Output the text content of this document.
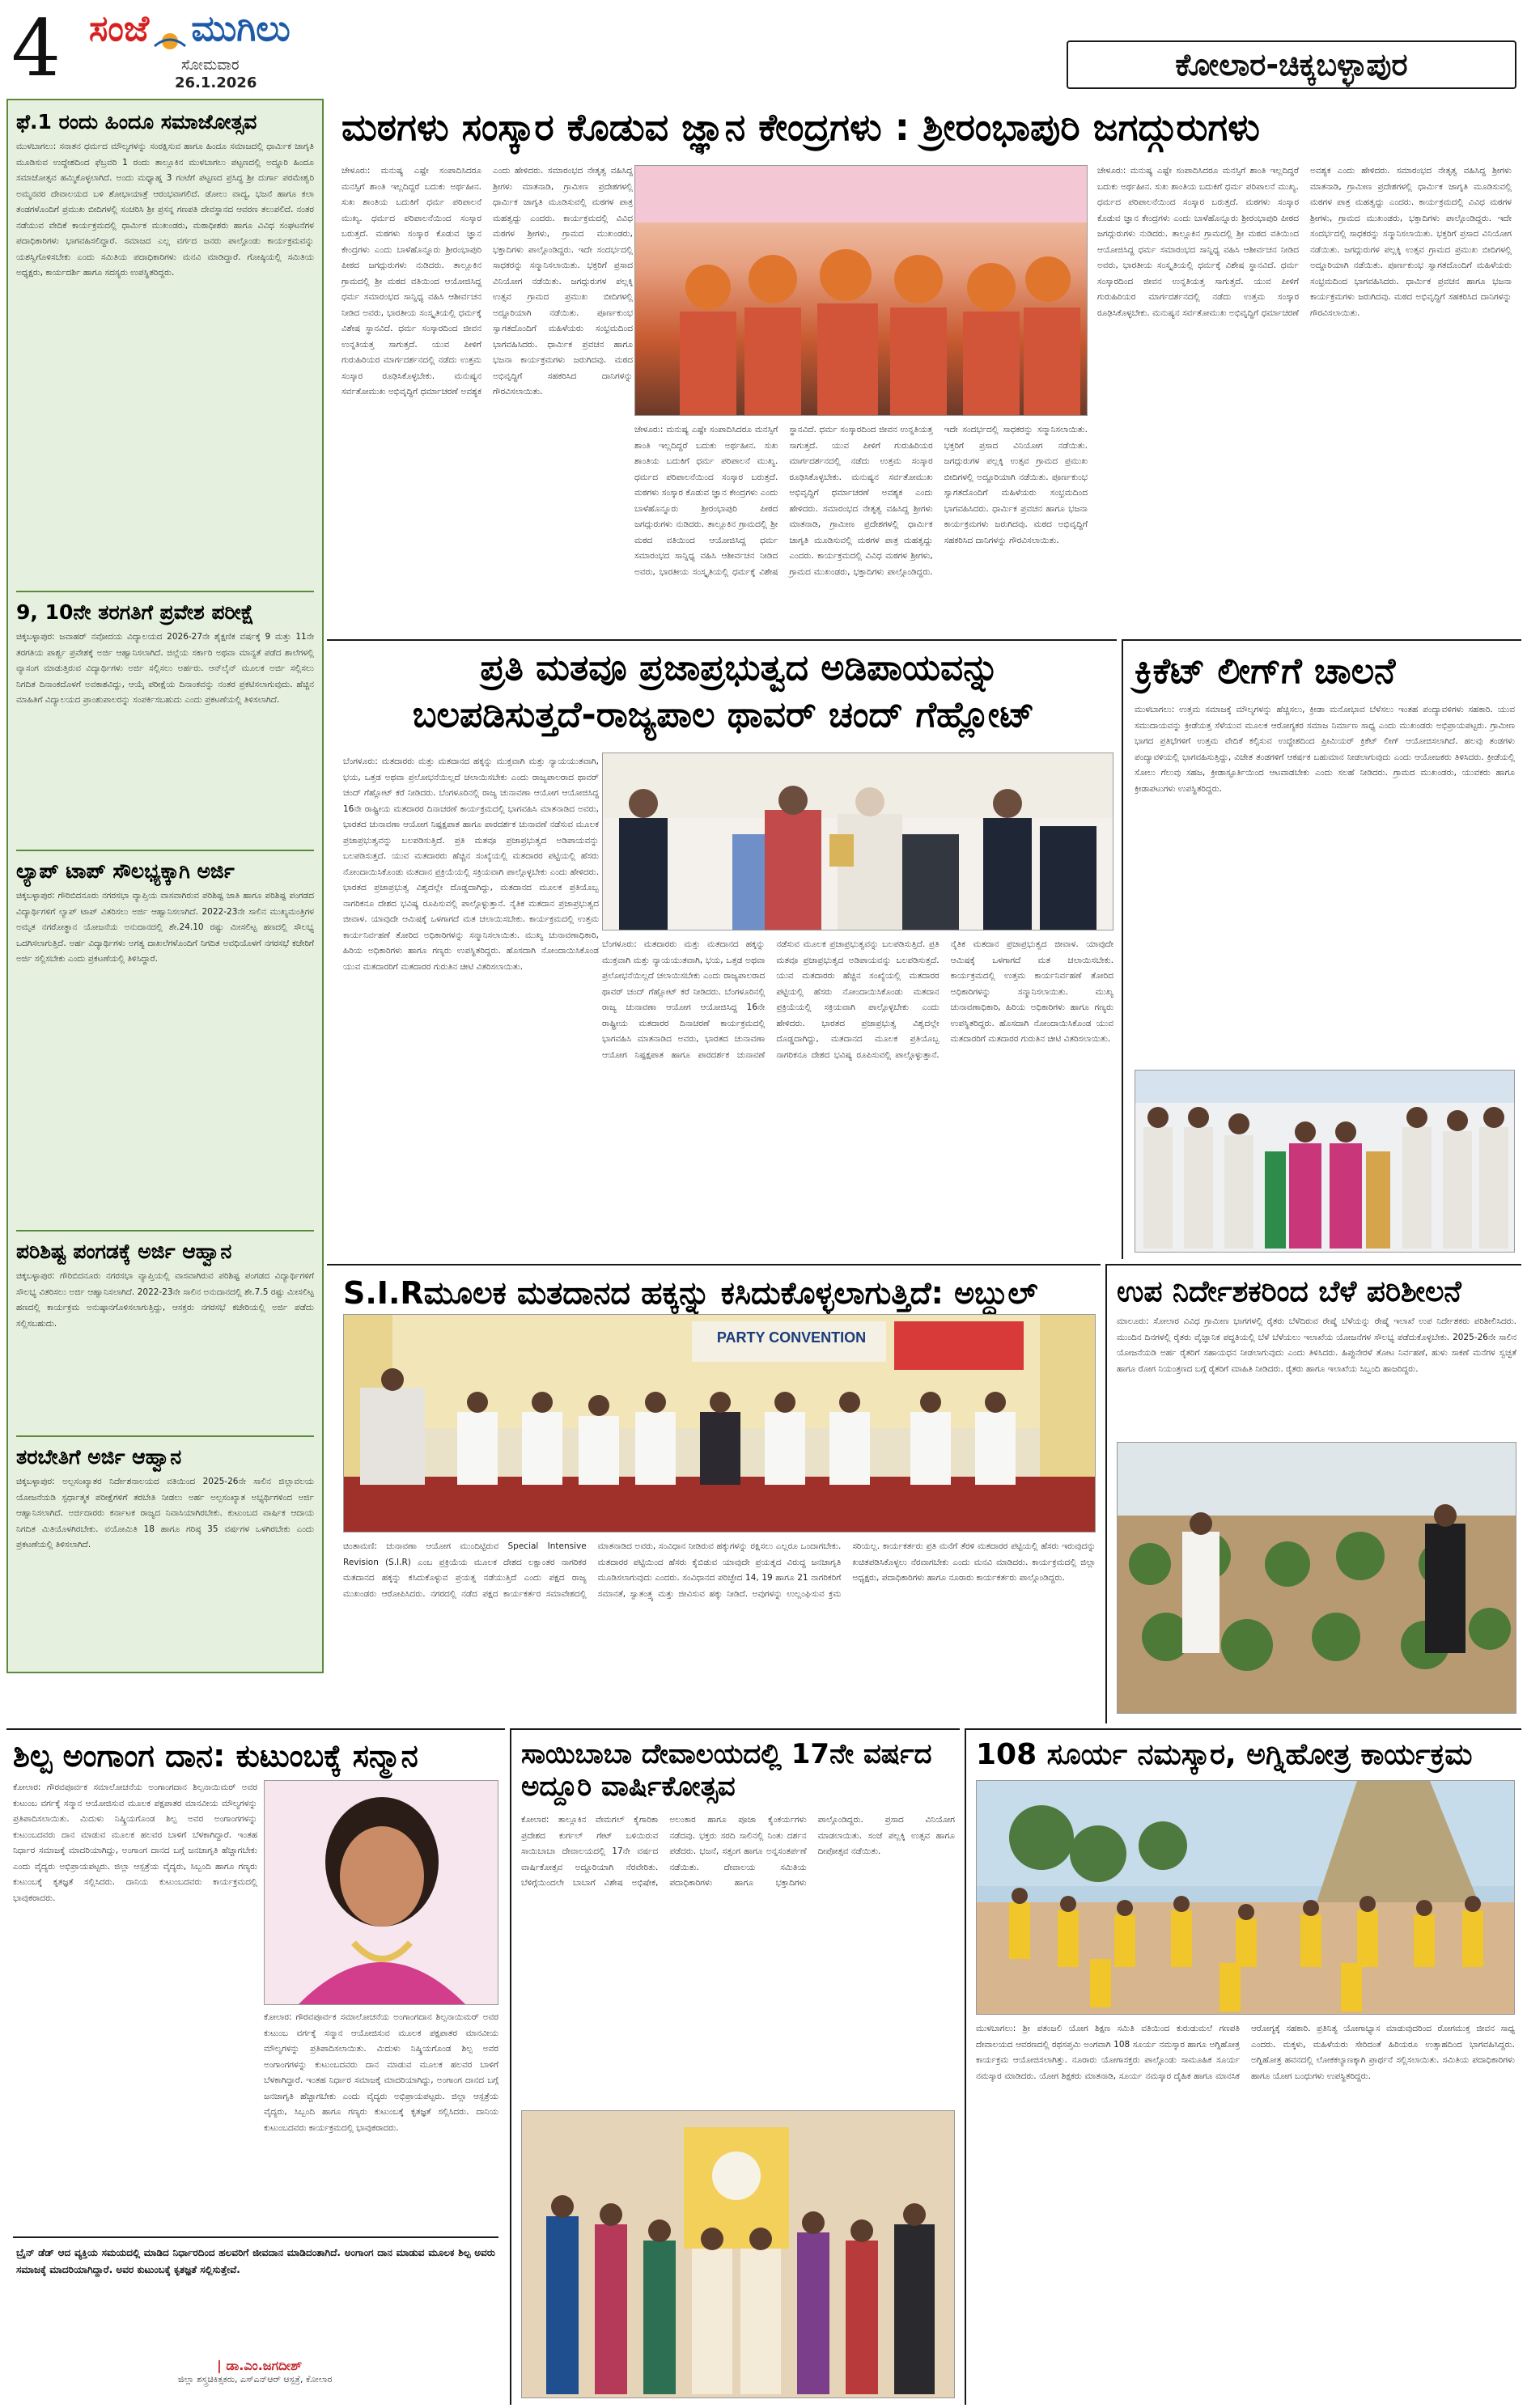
4 ಸಂಜೆ ಮುಗಿಲು
ಸೋಮವಾರ
26.1.2026
ಕೋಲಾರ-ಚಿಕ್ಕಬಳ್ಳಾಪುರ
ಫೆ.1 ರಂದು ಹಿಂದೂ ಸಮಾಜೋತ್ಸವ
ಮುಳಬಾಗಲು: ಸನಾತನ ಧರ್ಮದ ಮೌಲ್ಯಗಳನ್ನು ಸಂರಕ್ಷಿಸುವ ಹಾಗೂ ಹಿಂದೂ ಸಮಾಜದಲ್ಲಿ ಧಾರ್ಮಿಕ ಜಾಗೃತಿ ಮೂಡಿಸುವ ಉದ್ದೇಶದಿಂದ ಫೆಬ್ರವರಿ 1 ರಂದು ತಾಲ್ಲೂಕಿನ ಮುಳಬಾಗಲು ಪಟ್ಟಣದಲ್ಲಿ ಅದ್ದೂರಿ ಹಿಂದೂ ಸಮಾಜೋತ್ಸವ ಹಮ್ಮಿಕೊಳ್ಳಲಾಗಿದೆ. ಅಂದು ಮಧ್ಯಾಹ್ನ 3 ಗಂಟೆಗೆ ಪಟ್ಟಣದ ಪ್ರಸಿದ್ಧ ಶ್ರೀ ದುರ್ಗಾ ಪರಮೇಶ್ವರಿ ಅಮ್ಮನವರ ದೇವಾಲಯದ ಬಳಿ ಶೋಭಾಯಾತ್ರೆ ಆರಂಭವಾಗಲಿದೆ. ಡೋಲು ವಾದ್ಯ, ಭಜನೆ ಹಾಗೂ ಕಲಾ ತಂಡಗಳೊಂದಿಗೆ ಪ್ರಮುಖ ಬೀದಿಗಳಲ್ಲಿ ಸಂಚರಿಸಿ ಶ್ರೀ ಪ್ರಸನ್ನ ಗಣಪತಿ ದೇವಸ್ಥಾನದ ಆವರಣ ತಲುಪಲಿದೆ. ನಂತರ ನಡೆಯುವ ವೇದಿಕೆ ಕಾರ್ಯಕ್ರಮದಲ್ಲಿ ಧಾರ್ಮಿಕ ಮುಖಂಡರು, ಮಠಾಧೀಶರು ಹಾಗೂ ವಿವಿಧ ಸಂಘಟನೆಗಳ ಪದಾಧಿಕಾರಿಗಳು ಭಾಗವಹಿಸಲಿದ್ದಾರೆ. ಸಮಾಜದ ಎಲ್ಲ ವರ್ಗದ ಜನರು ಪಾಲ್ಗೊಂಡು ಕಾರ್ಯಕ್ರಮವನ್ನು ಯಶಸ್ವಿಗೊಳಿಸಬೇಕು ಎಂದು ಸಮಿತಿಯ ಪದಾಧಿಕಾರಿಗಳು ಮನವಿ ಮಾಡಿದ್ದಾರೆ. ಗೋಷ್ಠಿಯಲ್ಲಿ ಸಮಿತಿಯ ಅಧ್ಯಕ್ಷರು, ಕಾರ್ಯದರ್ಶಿ ಹಾಗೂ ಸದಸ್ಯರು ಉಪಸ್ಥಿತರಿದ್ದರು.
9, 10ನೇ ತರಗತಿಗೆ ಪ್ರವೇಶ ಪರೀಕ್ಷೆ
ಚಿಕ್ಕಬಳ್ಳಾಪುರ: ಜವಾಹರ್ ನವೋದಯ ವಿದ್ಯಾಲಯದ 2026-27ನೇ ಶೈಕ್ಷಣಿಕ ವರ್ಷಕ್ಕೆ 9 ಮತ್ತು 11ನೇ ತರಗತಿಯ ಪಾರ್ಶ್ವ ಪ್ರವೇಶಕ್ಕೆ ಅರ್ಜಿ ಆಹ್ವಾನಿಸಲಾಗಿದೆ. ಜಿಲ್ಲೆಯ ಸರ್ಕಾರಿ ಅಥವಾ ಮಾನ್ಯತೆ ಪಡೆದ ಶಾಲೆಗಳಲ್ಲಿ ವ್ಯಾಸಂಗ ಮಾಡುತ್ತಿರುವ ವಿದ್ಯಾರ್ಥಿಗಳು ಅರ್ಜಿ ಸಲ್ಲಿಸಲು ಅರ್ಹರು. ಆನ್‌ಲೈನ್ ಮೂಲಕ ಅರ್ಜಿ ಸಲ್ಲಿಸಲು ನಿಗದಿತ ದಿನಾಂಕದೊಳಗೆ ಅವಕಾಶವಿದ್ದು, ಆಯ್ಕೆ ಪರೀಕ್ಷೆಯ ದಿನಾಂಕವನ್ನು ನಂತರ ಪ್ರಕಟಿಸಲಾಗುವುದು. ಹೆಚ್ಚಿನ ಮಾಹಿತಿಗೆ ವಿದ್ಯಾಲಯದ ಪ್ರಾಂಶುಪಾಲರನ್ನು ಸಂಪರ್ಕಿಸಬಹುದು ಎಂದು ಪ್ರಕಟಣೆಯಲ್ಲಿ ತಿಳಿಸಲಾಗಿದೆ.
ಲ್ಯಾಪ್ ಟಾಪ್ ಸೌಲಭ್ಯಕ್ಕಾಗಿ ಅರ್ಜಿ
ಚಿಕ್ಕಬಳ್ಳಾಪುರ: ಗೌರಿಬಿದನೂರು ನಗರಸಭಾ ವ್ಯಾಪ್ತಿಯ ವಾಸವಾಗಿರುವ ಪರಿಶಿಷ್ಟ ಜಾತಿ ಹಾಗೂ ಪರಿಶಿಷ್ಟ ಪಂಗಡದ ವಿದ್ಯಾರ್ಥಿಗಳಿಗೆ ಲ್ಯಾಪ್ ಟಾಪ್ ವಿತರಿಸಲು ಅರ್ಜಿ ಆಹ್ವಾನಿಸಲಾಗಿದೆ. 2022-23ನೇ ಸಾಲಿನ ಮುಖ್ಯಮಂತ್ರಿಗಳ ಅಮೃತ ನಗರೋತ್ಥಾನ ಯೋಜನೆಯ ಅನುದಾನದಲ್ಲಿ ಶೇ.24.10 ರಷ್ಟು ಮೀಸಲಿಟ್ಟ ಹಣದಲ್ಲಿ ಸೌಲಭ್ಯ ಒದಗಿಸಲಾಗುತ್ತಿದೆ. ಅರ್ಹ ವಿದ್ಯಾರ್ಥಿಗಳು ಅಗತ್ಯ ದಾಖಲೆಗಳೊಂದಿಗೆ ನಿಗದಿತ ಅವಧಿಯೊಳಗೆ ನಗರಸಭೆ ಕಚೇರಿಗೆ ಅರ್ಜಿ ಸಲ್ಲಿಸಬೇಕು ಎಂದು ಪ್ರಕಟಣೆಯಲ್ಲಿ ತಿಳಿಸಿದ್ದಾರೆ.
ಪರಿಶಿಷ್ಟ ಪಂಗಡಕ್ಕೆ ಅರ್ಜಿ ಆಹ್ವಾನ
ಚಿಕ್ಕಬಳ್ಳಾಪುರ: ಗೌರಿಬಿದನೂರು ನಗರಸಭಾ ವ್ಯಾಪ್ತಿಯಲ್ಲಿ ವಾಸವಾಗಿರುವ ಪರಿಶಿಷ್ಟ ಪಂಗಡದ ವಿದ್ಯಾರ್ಥಿಗಳಿಗೆ ಸೌಲಭ್ಯ ವಿತರಿಸಲು ಅರ್ಜಿ ಆಹ್ವಾನಿಸಲಾಗಿದೆ. 2022-23ನೇ ಸಾಲಿನ ಅನುದಾನದಲ್ಲಿ ಶೇ.7.5 ರಷ್ಟು ಮೀಸಲಿಟ್ಟ ಹಣದಲ್ಲಿ ಕಾರ್ಯಕ್ರಮ ಅನುಷ್ಠಾನಗೊಳಿಸಲಾಗುತ್ತಿದ್ದು, ಆಸಕ್ತರು ನಗರಸಭೆ ಕಚೇರಿಯಲ್ಲಿ ಅರ್ಜಿ ಪಡೆದು ಸಲ್ಲಿಸಬಹುದು.
ತರಬೇತಿಗೆ ಅರ್ಜಿ ಆಹ್ವಾನ
ಚಿಕ್ಕಬಳ್ಳಾಪುರ: ಅಲ್ಪಸಂಖ್ಯಾತರ ನಿರ್ದೇಶನಾಲಯದ ವತಿಯಿಂದ 2025-26ನೇ ಸಾಲಿನ ಜಿಲ್ಲಾವಲಯ ಯೋಜನೆಯಡಿ ಸ್ಪರ್ಧಾತ್ಮಕ ಪರೀಕ್ಷೆಗಳಿಗೆ ತರಬೇತಿ ನೀಡಲು ಅರ್ಹ ಅಲ್ಪಸಂಖ್ಯಾತ ಅಭ್ಯರ್ಥಿಗಳಿಂದ ಅರ್ಜಿ ಆಹ್ವಾನಿಸಲಾಗಿದೆ. ಅರ್ಜಿದಾರರು ಕರ್ನಾಟಕ ರಾಜ್ಯದ ನಿವಾಸಿಯಾಗಿರಬೇಕು. ಕುಟುಂಬದ ವಾರ್ಷಿಕ ಆದಾಯ ನಿಗದಿತ ಮಿತಿಯೊಳಗಿರಬೇಕು. ವಯೋಮಿತಿ 18 ಹಾಗೂ ಗರಿಷ್ಠ 35 ವರ್ಷಗಳ ಒಳಗಿರಬೇಕು ಎಂದು ಪ್ರಕಟಣೆಯಲ್ಲಿ ತಿಳಿಸಲಾಗಿದೆ.
ಮಠಗಳು ಸಂಸ್ಕಾರ ಕೊಡುವ ಜ್ಞಾನ ಕೇಂದ್ರಗಳು : ಶ್ರೀರಂಭಾಪುರಿ ಜಗದ್ಗುರುಗಳು
ಚೇಳೂರು: ಮನುಷ್ಯ ಎಷ್ಟೇ ಸಂಪಾದಿಸಿದರೂ ಮನಸ್ಸಿಗೆ ಶಾಂತಿ ಇಲ್ಲದಿದ್ದರೆ ಬದುಕು ಅರ್ಥಹೀನ. ಸುಖ ಶಾಂತಿಯ ಬದುಕಿಗೆ ಧರ್ಮ ಪರಿಪಾಲನೆ ಮುಖ್ಯ. ಧರ್ಮದ ಪರಿಪಾಲನೆಯಿಂದ ಸಂಸ್ಕಾರ ಬರುತ್ತದೆ. ಮಠಗಳು ಸಂಸ್ಕಾರ ಕೊಡುವ ಜ್ಞಾನ ಕೇಂದ್ರಗಳು ಎಂದು ಬಾಳೆಹೊನ್ನೂರು ಶ್ರೀರಂಭಾಪುರಿ ಪೀಠದ ಜಗದ್ಗುರುಗಳು ನುಡಿದರು. ತಾಲ್ಲೂಕಿನ ಗ್ರಾಮದಲ್ಲಿ ಶ್ರೀ ಮಠದ ವತಿಯಿಂದ ಆಯೋಜಿಸಿದ್ದ ಧರ್ಮ ಸಮಾರಂಭದ ಸಾನ್ನಿಧ್ಯ ವಹಿಸಿ ಆಶೀರ್ವಚನ ನೀಡಿದ ಅವರು, ಭಾರತೀಯ ಸಂಸ್ಕೃತಿಯಲ್ಲಿ ಧರ್ಮಕ್ಕೆ ವಿಶೇಷ ಸ್ಥಾನವಿದೆ. ಧರ್ಮ ಸಂಸ್ಕಾರದಿಂದ ಜೀವನ ಉನ್ನತಿಯತ್ತ ಸಾಗುತ್ತದೆ. ಯುವ ಪೀಳಿಗೆ ಗುರುಹಿರಿಯರ ಮಾರ್ಗದರ್ಶನದಲ್ಲಿ ನಡೆದು ಉತ್ತಮ ಸಂಸ್ಕಾರ ರೂಢಿಸಿಕೊಳ್ಳಬೇಕು. ಮನುಷ್ಯನ ಸರ್ವತೋಮುಖ ಅಭಿವೃದ್ಧಿಗೆ ಧರ್ಮಾಚರಣೆ ಅವಶ್ಯಕ ಎಂದು ಹೇಳಿದರು. ಸಮಾರಂಭದ ನೇತೃತ್ವ ವಹಿಸಿದ್ದ ಶ್ರೀಗಳು ಮಾತನಾಡಿ, ಗ್ರಾಮೀಣ ಪ್ರದೇಶಗಳಲ್ಲಿ ಧಾರ್ಮಿಕ ಜಾಗೃತಿ ಮೂಡಿಸುವಲ್ಲಿ ಮಠಗಳ ಪಾತ್ರ ಮಹತ್ವದ್ದು ಎಂದರು. ಕಾರ್ಯಕ್ರಮದಲ್ಲಿ ವಿವಿಧ ಮಠಗಳ ಶ್ರೀಗಳು, ಗ್ರಾಮದ ಮುಖಂಡರು, ಭಕ್ತಾದಿಗಳು ಪಾಲ್ಗೊಂಡಿದ್ದರು. ಇದೇ ಸಂದರ್ಭದಲ್ಲಿ ಸಾಧಕರನ್ನು ಸನ್ಮಾನಿಸಲಾಯಿತು. ಭಕ್ತರಿಗೆ ಪ್ರಸಾದ ವಿನಿಯೋಗ ನಡೆಯಿತು. ಜಗದ್ಗುರುಗಳ ಪಲ್ಲಕ್ಕಿ ಉತ್ಸವ ಗ್ರಾಮದ ಪ್ರಮುಖ ಬೀದಿಗಳಲ್ಲಿ ಅದ್ದೂರಿಯಾಗಿ ನಡೆಯಿತು. ಪೂರ್ಣಕುಂಭ ಸ್ವಾಗತದೊಂದಿಗೆ ಮಹಿಳೆಯರು ಸಂಭ್ರಮದಿಂದ ಭಾಗವಹಿಸಿದರು. ಧಾರ್ಮಿಕ ಪ್ರವಚನ ಹಾಗೂ ಭಜನಾ ಕಾರ್ಯಕ್ರಮಗಳು ಜರುಗಿದವು. ಮಠದ ಅಭಿವೃದ್ಧಿಗೆ ಸಹಕರಿಸಿದ ದಾನಿಗಳನ್ನು ಗೌರವಿಸಲಾಯಿತು.
ಚೇಳೂರು: ಮನುಷ್ಯ ಎಷ್ಟೇ ಸಂಪಾದಿಸಿದರೂ ಮನಸ್ಸಿಗೆ ಶಾಂತಿ ಇಲ್ಲದಿದ್ದರೆ ಬದುಕು ಅರ್ಥಹೀನ. ಸುಖ ಶಾಂತಿಯ ಬದುಕಿಗೆ ಧರ್ಮ ಪರಿಪಾಲನೆ ಮುಖ್ಯ. ಧರ್ಮದ ಪರಿಪಾಲನೆಯಿಂದ ಸಂಸ್ಕಾರ ಬರುತ್ತದೆ. ಮಠಗಳು ಸಂಸ್ಕಾರ ಕೊಡುವ ಜ್ಞಾನ ಕೇಂದ್ರಗಳು ಎಂದು ಬಾಳೆಹೊನ್ನೂರು ಶ್ರೀರಂಭಾಪುರಿ ಪೀಠದ ಜಗದ್ಗುರುಗಳು ನುಡಿದರು. ತಾಲ್ಲೂಕಿನ ಗ್ರಾಮದಲ್ಲಿ ಶ್ರೀ ಮಠದ ವತಿಯಿಂದ ಆಯೋಜಿಸಿದ್ದ ಧರ್ಮ ಸಮಾರಂಭದ ಸಾನ್ನಿಧ್ಯ ವಹಿಸಿ ಆಶೀರ್ವಚನ ನೀಡಿದ ಅವರು, ಭಾರತೀಯ ಸಂಸ್ಕೃತಿಯಲ್ಲಿ ಧರ್ಮಕ್ಕೆ ವಿಶೇಷ ಸ್ಥಾನವಿದೆ. ಧರ್ಮ ಸಂಸ್ಕಾರದಿಂದ ಜೀವನ ಉನ್ನತಿಯತ್ತ ಸಾಗುತ್ತದೆ. ಯುವ ಪೀಳಿಗೆ ಗುರುಹಿರಿಯರ ಮಾರ್ಗದರ್ಶನದಲ್ಲಿ ನಡೆದು ಉತ್ತಮ ಸಂಸ್ಕಾರ ರೂಢಿಸಿಕೊಳ್ಳಬೇಕು. ಮನುಷ್ಯನ ಸರ್ವತೋಮುಖ ಅಭಿವೃದ್ಧಿಗೆ ಧರ್ಮಾಚರಣೆ ಅವಶ್ಯಕ ಎಂದು ಹೇಳಿದರು. ಸಮಾರಂಭದ ನೇತೃತ್ವ ವಹಿಸಿದ್ದ ಶ್ರೀಗಳು ಮಾತನಾಡಿ, ಗ್ರಾಮೀಣ ಪ್ರದೇಶಗಳಲ್ಲಿ ಧಾರ್ಮಿಕ ಜಾಗೃತಿ ಮೂಡಿಸುವಲ್ಲಿ ಮಠಗಳ ಪಾತ್ರ ಮಹತ್ವದ್ದು ಎಂದರು. ಕಾರ್ಯಕ್ರಮದಲ್ಲಿ ವಿವಿಧ ಮಠಗಳ ಶ್ರೀಗಳು, ಗ್ರಾಮದ ಮುಖಂಡರು, ಭಕ್ತಾದಿಗಳು ಪಾಲ್ಗೊಂಡಿದ್ದರು. ಇದೇ ಸಂದರ್ಭದಲ್ಲಿ ಸಾಧಕರನ್ನು ಸನ್ಮಾನಿಸಲಾಯಿತು. ಭಕ್ತರಿಗೆ ಪ್ರಸಾದ ವಿನಿಯೋಗ ನಡೆಯಿತು. ಜಗದ್ಗುರುಗಳ ಪಲ್ಲಕ್ಕಿ ಉತ್ಸವ ಗ್ರಾಮದ ಪ್ರಮುಖ ಬೀದಿಗಳಲ್ಲಿ ಅದ್ದೂರಿಯಾಗಿ ನಡೆಯಿತು. ಪೂರ್ಣಕುಂಭ ಸ್ವಾಗತದೊಂದಿಗೆ ಮಹಿಳೆಯರು ಸಂಭ್ರಮದಿಂದ ಭಾಗವಹಿಸಿದರು. ಧಾರ್ಮಿಕ ಪ್ರವಚನ ಹಾಗೂ ಭಜನಾ ಕಾರ್ಯಕ್ರಮಗಳು ಜರುಗಿದವು. ಮಠದ ಅಭಿವೃದ್ಧಿಗೆ ಸಹಕರಿಸಿದ ದಾನಿಗಳನ್ನು ಗೌರವಿಸಲಾಯಿತು.
ಚೇಳೂರು: ಮನುಷ್ಯ ಎಷ್ಟೇ ಸಂಪಾದಿಸಿದರೂ ಮನಸ್ಸಿಗೆ ಶಾಂತಿ ಇಲ್ಲದಿದ್ದರೆ ಬದುಕು ಅರ್ಥಹೀನ. ಸುಖ ಶಾಂತಿಯ ಬದುಕಿಗೆ ಧರ್ಮ ಪರಿಪಾಲನೆ ಮುಖ್ಯ. ಧರ್ಮದ ಪರಿಪಾಲನೆಯಿಂದ ಸಂಸ್ಕಾರ ಬರುತ್ತದೆ. ಮಠಗಳು ಸಂಸ್ಕಾರ ಕೊಡುವ ಜ್ಞಾನ ಕೇಂದ್ರಗಳು ಎಂದು ಬಾಳೆಹೊನ್ನೂರು ಶ್ರೀರಂಭಾಪುರಿ ಪೀಠದ ಜಗದ್ಗುರುಗಳು ನುಡಿದರು. ತಾಲ್ಲೂಕಿನ ಗ್ರಾಮದಲ್ಲಿ ಶ್ರೀ ಮಠದ ವತಿಯಿಂದ ಆಯೋಜಿಸಿದ್ದ ಧರ್ಮ ಸಮಾರಂಭದ ಸಾನ್ನಿಧ್ಯ ವಹಿಸಿ ಆಶೀರ್ವಚನ ನೀಡಿದ ಅವರು, ಭಾರತೀಯ ಸಂಸ್ಕೃತಿಯಲ್ಲಿ ಧರ್ಮಕ್ಕೆ ವಿಶೇಷ ಸ್ಥಾನವಿದೆ. ಧರ್ಮ ಸಂಸ್ಕಾರದಿಂದ ಜೀವನ ಉನ್ನತಿಯತ್ತ ಸಾಗುತ್ತದೆ. ಯುವ ಪೀಳಿಗೆ ಗುರುಹಿರಿಯರ ಮಾರ್ಗದರ್ಶನದಲ್ಲಿ ನಡೆದು ಉತ್ತಮ ಸಂಸ್ಕಾರ ರೂಢಿಸಿಕೊಳ್ಳಬೇಕು. ಮನುಷ್ಯನ ಸರ್ವತೋಮುಖ ಅಭಿವೃದ್ಧಿಗೆ ಧರ್ಮಾಚರಣೆ ಅವಶ್ಯಕ ಎಂದು ಹೇಳಿದರು. ಸಮಾರಂಭದ ನೇತೃತ್ವ ವಹಿಸಿದ್ದ ಶ್ರೀಗಳು ಮಾತನಾಡಿ, ಗ್ರಾಮೀಣ ಪ್ರದೇಶಗಳಲ್ಲಿ ಧಾರ್ಮಿಕ ಜಾಗೃತಿ ಮೂಡಿಸುವಲ್ಲಿ ಮಠಗಳ ಪಾತ್ರ ಮಹತ್ವದ್ದು ಎಂದರು. ಕಾರ್ಯಕ್ರಮದಲ್ಲಿ ವಿವಿಧ ಮಠಗಳ ಶ್ರೀಗಳು, ಗ್ರಾಮದ ಮುಖಂಡರು, ಭಕ್ತಾದಿಗಳು ಪಾಲ್ಗೊಂಡಿದ್ದರು. ಇದೇ ಸಂದರ್ಭದಲ್ಲಿ ಸಾಧಕರನ್ನು ಸನ್ಮಾನಿಸಲಾಯಿತು. ಭಕ್ತರಿಗೆ ಪ್ರಸಾದ ವಿನಿಯೋಗ ನಡೆಯಿತು. ಜಗದ್ಗುರುಗಳ ಪಲ್ಲಕ್ಕಿ ಉತ್ಸವ ಗ್ರಾಮದ ಪ್ರಮುಖ ಬೀದಿಗಳಲ್ಲಿ ಅದ್ದೂರಿಯಾಗಿ ನಡೆಯಿತು. ಪೂರ್ಣಕುಂಭ ಸ್ವಾಗತದೊಂದಿಗೆ ಮಹಿಳೆಯರು ಸಂಭ್ರಮದಿಂದ ಭಾಗವಹಿಸಿದರು. ಧಾರ್ಮಿಕ ಪ್ರವಚನ ಹಾಗೂ ಭಜನಾ ಕಾರ್ಯಕ್ರಮಗಳು ಜರುಗಿದವು. ಮಠದ ಅಭಿವೃದ್ಧಿಗೆ ಸಹಕರಿಸಿದ ದಾನಿಗಳನ್ನು ಗೌರವಿಸಲಾಯಿತು.
ಪ್ರತಿ ಮತವೂ ಪ್ರಜಾಪ್ರಭುತ್ವದ ಅಡಿಪಾಯವನ್ನು
ಬಲಪಡಿಸುತ್ತದೆ-ರಾಜ್ಯಪಾಲ ಥಾವರ್ ಚಂದ್ ಗೆಹ್ಲೋಟ್
ಬೆಂಗಳೂರು: ಮತದಾರರು ಮತ್ತು ಮತದಾನದ ಹಕ್ಕನ್ನು ಮುಕ್ತವಾಗಿ ಮತ್ತು ನ್ಯಾಯಯುತವಾಗಿ, ಭಯ, ಒತ್ತಡ ಅಥವಾ ಪ್ರಲೋಭನೆಯಿಲ್ಲದೆ ಚಲಾಯಿಸಬೇಕು ಎಂದು ರಾಜ್ಯಪಾಲರಾದ ಥಾವರ್ ಚಂದ್ ಗೆಹ್ಲೋಟ್ ಕರೆ ನೀಡಿದರು. ಬೆಂಗಳೂರಿನಲ್ಲಿ ರಾಜ್ಯ ಚುನಾವಣಾ ಆಯೋಗ ಆಯೋಜಿಸಿದ್ದ 16ನೇ ರಾಷ್ಟ್ರೀಯ ಮತದಾರರ ದಿನಾಚರಣೆ ಕಾರ್ಯಕ್ರಮದಲ್ಲಿ ಭಾಗವಹಿಸಿ ಮಾತನಾಡಿದ ಅವರು, ಭಾರತದ ಚುನಾವಣಾ ಆಯೋಗ ನಿಷ್ಪಕ್ಷಪಾತ ಹಾಗೂ ಪಾರದರ್ಶಕ ಚುನಾವಣೆ ನಡೆಸುವ ಮೂಲಕ ಪ್ರಜಾಪ್ರಭುತ್ವವನ್ನು ಬಲಪಡಿಸುತ್ತಿದೆ. ಪ್ರತಿ ಮತವೂ ಪ್ರಜಾಪ್ರಭುತ್ವದ ಅಡಿಪಾಯವನ್ನು ಬಲಪಡಿಸುತ್ತದೆ. ಯುವ ಮತದಾರರು ಹೆಚ್ಚಿನ ಸಂಖ್ಯೆಯಲ್ಲಿ ಮತದಾರರ ಪಟ್ಟಿಯಲ್ಲಿ ಹೆಸರು ನೋಂದಾಯಿಸಿಕೊಂಡು ಮತದಾನ ಪ್ರಕ್ರಿಯೆಯಲ್ಲಿ ಸಕ್ರಿಯವಾಗಿ ಪಾಲ್ಗೊಳ್ಳಬೇಕು ಎಂದು ಹೇಳಿದರು. ಭಾರತದ ಪ್ರಜಾಪ್ರಭುತ್ವ ವಿಶ್ವದಲ್ಲೇ ದೊಡ್ಡದಾಗಿದ್ದು, ಮತದಾನದ ಮೂಲಕ ಪ್ರತಿಯೊಬ್ಬ ನಾಗರಿಕನೂ ದೇಶದ ಭವಿಷ್ಯ ರೂಪಿಸುವಲ್ಲಿ ಪಾಲ್ಗೊಳ್ಳುತ್ತಾನೆ. ನೈತಿಕ ಮತದಾನ ಪ್ರಜಾಪ್ರಭುತ್ವದ ಜೀವಾಳ. ಯಾವುದೇ ಆಮಿಷಕ್ಕೆ ಒಳಗಾಗದೆ ಮತ ಚಲಾಯಿಸಬೇಕು. ಕಾರ್ಯಕ್ರಮದಲ್ಲಿ ಉತ್ತಮ ಕಾರ್ಯನಿರ್ವಹಣೆ ತೋರಿದ ಅಧಿಕಾರಿಗಳನ್ನು ಸನ್ಮಾನಿಸಲಾಯಿತು. ಮುಖ್ಯ ಚುನಾವಣಾಧಿಕಾರಿ, ಹಿರಿಯ ಅಧಿಕಾರಿಗಳು ಹಾಗೂ ಗಣ್ಯರು ಉಪಸ್ಥಿತರಿದ್ದರು. ಹೊಸದಾಗಿ ನೋಂದಾಯಿಸಿಕೊಂಡ ಯುವ ಮತದಾರರಿಗೆ ಮತದಾರರ ಗುರುತಿನ ಚೀಟಿ ವಿತರಿಸಲಾಯಿತು.
ಬೆಂಗಳೂರು: ಮತದಾರರು ಮತ್ತು ಮತದಾನದ ಹಕ್ಕನ್ನು ಮುಕ್ತವಾಗಿ ಮತ್ತು ನ್ಯಾಯಯುತವಾಗಿ, ಭಯ, ಒತ್ತಡ ಅಥವಾ ಪ್ರಲೋಭನೆಯಿಲ್ಲದೆ ಚಲಾಯಿಸಬೇಕು ಎಂದು ರಾಜ್ಯಪಾಲರಾದ ಥಾವರ್ ಚಂದ್ ಗೆಹ್ಲೋಟ್ ಕರೆ ನೀಡಿದರು. ಬೆಂಗಳೂರಿನಲ್ಲಿ ರಾಜ್ಯ ಚುನಾವಣಾ ಆಯೋಗ ಆಯೋಜಿಸಿದ್ದ 16ನೇ ರಾಷ್ಟ್ರೀಯ ಮತದಾರರ ದಿನಾಚರಣೆ ಕಾರ್ಯಕ್ರಮದಲ್ಲಿ ಭಾಗವಹಿಸಿ ಮಾತನಾಡಿದ ಅವರು, ಭಾರತದ ಚುನಾವಣಾ ಆಯೋಗ ನಿಷ್ಪಕ್ಷಪಾತ ಹಾಗೂ ಪಾರದರ್ಶಕ ಚುನಾವಣೆ ನಡೆಸುವ ಮೂಲಕ ಪ್ರಜಾಪ್ರಭುತ್ವವನ್ನು ಬಲಪಡಿಸುತ್ತಿದೆ. ಪ್ರತಿ ಮತವೂ ಪ್ರಜಾಪ್ರಭುತ್ವದ ಅಡಿಪಾಯವನ್ನು ಬಲಪಡಿಸುತ್ತದೆ. ಯುವ ಮತದಾರರು ಹೆಚ್ಚಿನ ಸಂಖ್ಯೆಯಲ್ಲಿ ಮತದಾರರ ಪಟ್ಟಿಯಲ್ಲಿ ಹೆಸರು ನೋಂದಾಯಿಸಿಕೊಂಡು ಮತದಾನ ಪ್ರಕ್ರಿಯೆಯಲ್ಲಿ ಸಕ್ರಿಯವಾಗಿ ಪಾಲ್ಗೊಳ್ಳಬೇಕು ಎಂದು ಹೇಳಿದರು. ಭಾರತದ ಪ್ರಜಾಪ್ರಭುತ್ವ ವಿಶ್ವದಲ್ಲೇ ದೊಡ್ಡದಾಗಿದ್ದು, ಮತದಾನದ ಮೂಲಕ ಪ್ರತಿಯೊಬ್ಬ ನಾಗರಿಕನೂ ದೇಶದ ಭವಿಷ್ಯ ರೂಪಿಸುವಲ್ಲಿ ಪಾಲ್ಗೊಳ್ಳುತ್ತಾನೆ. ನೈತಿಕ ಮತದಾನ ಪ್ರಜಾಪ್ರಭುತ್ವದ ಜೀವಾಳ. ಯಾವುದೇ ಆಮಿಷಕ್ಕೆ ಒಳಗಾಗದೆ ಮತ ಚಲಾಯಿಸಬೇಕು. ಕಾರ್ಯಕ್ರಮದಲ್ಲಿ ಉತ್ತಮ ಕಾರ್ಯನಿರ್ವಹಣೆ ತೋರಿದ ಅಧಿಕಾರಿಗಳನ್ನು ಸನ್ಮಾನಿಸಲಾಯಿತು. ಮುಖ್ಯ ಚುನಾವಣಾಧಿಕಾರಿ, ಹಿರಿಯ ಅಧಿಕಾರಿಗಳು ಹಾಗೂ ಗಣ್ಯರು ಉಪಸ್ಥಿತರಿದ್ದರು. ಹೊಸದಾಗಿ ನೋಂದಾಯಿಸಿಕೊಂಡ ಯುವ ಮತದಾರರಿಗೆ ಮತದಾರರ ಗುರುತಿನ ಚೀಟಿ ವಿತರಿಸಲಾಯಿತು.
ಕ್ರಿಕೆಟ್ ಲೀಗ್‌ಗೆ ಚಾಲನೆ
ಮುಳಬಾಗಲು: ಉತ್ತಮ ಸಮಾಜಕ್ಕೆ ಮೌಲ್ಯಗಳನ್ನು ಹೆಚ್ಚಿಸಲು, ಕ್ರೀಡಾ ಮನೋಭಾವ ಬೆಳೆಸಲು ಇಂತಹ ಪಂದ್ಯಾವಳಿಗಳು ಸಹಕಾರಿ. ಯುವ ಸಮುದಾಯವನ್ನು ಕ್ರೀಡೆಯತ್ತ ಸೆಳೆಯುವ ಮೂಲಕ ಆರೋಗ್ಯಕರ ಸಮಾಜ ನಿರ್ಮಾಣ ಸಾಧ್ಯ ಎಂದು ಮುಖಂಡರು ಅಭಿಪ್ರಾಯಪಟ್ಟರು. ಗ್ರಾಮೀಣ ಭಾಗದ ಪ್ರತಿಭೆಗಳಿಗೆ ಉತ್ತಮ ವೇದಿಕೆ ಕಲ್ಪಿಸುವ ಉದ್ದೇಶದಿಂದ ಪ್ರೀಮಿಯರ್ ಕ್ರಿಕೆಟ್ ಲೀಗ್ ಆಯೋಜಿಸಲಾಗಿದೆ. ಹಲವು ತಂಡಗಳು ಪಂದ್ಯಾವಳಿಯಲ್ಲಿ ಭಾಗವಹಿಸುತ್ತಿದ್ದು, ವಿಜೇತ ತಂಡಗಳಿಗೆ ಆಕರ್ಷಕ ಬಹುಮಾನ ನೀಡಲಾಗುವುದು ಎಂದು ಆಯೋಜಕರು ತಿಳಿಸಿದರು. ಕ್ರೀಡೆಯಲ್ಲಿ ಸೋಲು ಗೆಲುವು ಸಹಜ, ಕ್ರೀಡಾಸ್ಫೂರ್ತಿಯಿಂದ ಆಟವಾಡಬೇಕು ಎಂದು ಸಲಹೆ ನೀಡಿದರು. ಗ್ರಾಮದ ಮುಖಂಡರು, ಯುವಕರು ಹಾಗೂ ಕ್ರೀಡಾಪಟುಗಳು ಉಪಸ್ಥಿತರಿದ್ದರು.
S.I.Rಮೂಲಕ ಮತದಾನದ ಹಕ್ಕನ್ನು ಕಸಿದುಕೊಳ್ಳಲಾಗುತ್ತಿದೆ: ಅಬ್ದುಲ್
PARTY CONVENTION
ಚಿಂತಾಮಣಿ: ಚುನಾವಣಾ ಆಯೋಗ ಮುಂದಿಟ್ಟಿರುವ Special Intensive Revision (S.I.R) ಎಂಬ ಪ್ರಕ್ರಿಯೆಯ ಮೂಲಕ ದೇಶದ ಲಕ್ಷಾಂತರ ನಾಗರಿಕರ ಮತದಾನದ ಹಕ್ಕನ್ನು ಕಸಿದುಕೊಳ್ಳುವ ಪ್ರಯತ್ನ ನಡೆಯುತ್ತಿದೆ ಎಂದು ಪಕ್ಷದ ರಾಜ್ಯ ಮುಖಂಡರು ಆರೋಪಿಸಿದರು. ನಗರದಲ್ಲಿ ನಡೆದ ಪಕ್ಷದ ಕಾರ್ಯಕರ್ತರ ಸಮಾವೇಶದಲ್ಲಿ ಮಾತನಾಡಿದ ಅವರು, ಸಂವಿಧಾನ ನೀಡಿರುವ ಹಕ್ಕುಗಳನ್ನು ರಕ್ಷಿಸಲು ಎಲ್ಲರೂ ಒಂದಾಗಬೇಕು. ಮತದಾರರ ಪಟ್ಟಿಯಿಂದ ಹೆಸರು ಕೈಬಿಡುವ ಯಾವುದೇ ಪ್ರಯತ್ನದ ವಿರುದ್ಧ ಜನಜಾಗೃತಿ ಮೂಡಿಸಲಾಗುವುದು ಎಂದರು. ಸಂವಿಧಾನದ ಪರಿಚ್ಛೇದ 14, 19 ಹಾಗೂ 21 ನಾಗರಿಕರಿಗೆ ಸಮಾನತೆ, ಸ್ವಾತಂತ್ರ್ಯ ಮತ್ತು ಜೀವಿಸುವ ಹಕ್ಕು ನೀಡಿದೆ. ಅವುಗಳನ್ನು ಉಲ್ಲಂಘಿಸುವ ಕ್ರಮ ಸರಿಯಲ್ಲ. ಕಾರ್ಯಕರ್ತರು ಪ್ರತಿ ಮನೆಗೆ ತೆರಳಿ ಮತದಾರರ ಪಟ್ಟಿಯಲ್ಲಿ ಹೆಸರು ಇರುವುದನ್ನು ಖಚಿತಪಡಿಸಿಕೊಳ್ಳಲು ನೆರವಾಗಬೇಕು ಎಂದು ಮನವಿ ಮಾಡಿದರು. ಕಾರ್ಯಕ್ರಮದಲ್ಲಿ ಜಿಲ್ಲಾ ಅಧ್ಯಕ್ಷರು, ಪದಾಧಿಕಾರಿಗಳು ಹಾಗೂ ನೂರಾರು ಕಾರ್ಯಕರ್ತರು ಪಾಲ್ಗೊಂಡಿದ್ದರು.
ಉಪ ನಿರ್ದೇಶಕರಿಂದ ಬೆಳೆ ಪರಿಶೀಲನೆ
ಮಾಲೂರು: ಸೋಲಾರ ವಿವಿಧ ಗ್ರಾಮೀಣ ಭಾಗಗಳಲ್ಲಿ ರೈತರು ಬೆಳೆದಿರುವ ರೇಷ್ಮೆ ಬೆಳೆಯನ್ನು ರೇಷ್ಮೆ ಇಲಾಖೆ ಉಪ ನಿರ್ದೇಶಕರು ಪರಿಶೀಲಿಸಿದರು. ಮುಂದಿನ ದಿನಗಳಲ್ಲಿ ರೈತರು ವೈಜ್ಞಾನಿಕ ಪದ್ಧತಿಯಲ್ಲಿ ಬೆಳೆ ಬೆಳೆಯಲು ಇಲಾಖೆಯ ಯೋಜನೆಗಳ ಸೌಲಭ್ಯ ಪಡೆದುಕೊಳ್ಳಬೇಕು. 2025-26ನೇ ಸಾಲಿನ ಯೋಜನೆಯಡಿ ಅರ್ಹ ರೈತರಿಗೆ ಸಹಾಯಧನ ನೀಡಲಾಗುವುದು ಎಂದು ತಿಳಿಸಿದರು. ಹಿಪ್ಪುನೇರಳೆ ತೋಟ ನಿರ್ವಹಣೆ, ಹುಳು ಸಾಕಣೆ ಮನೆಗಳ ಸ್ವಚ್ಛತೆ ಹಾಗೂ ರೋಗ ನಿಯಂತ್ರಣದ ಬಗ್ಗೆ ರೈತರಿಗೆ ಮಾಹಿತಿ ನೀಡಿದರು. ರೈತರು ಹಾಗೂ ಇಲಾಖೆಯ ಸಿಬ್ಬಂದಿ ಹಾಜರಿದ್ದರು.
ಶಿಲ್ಪ ಅಂಗಾಂಗ ದಾನ: ಕುಟುಂಬಕ್ಕೆ ಸನ್ಮಾನ
ಕೋಲಾರ: ಗೌರವಪೂರ್ವಕ ಸಮಾಲೋಚನೆಯ ಅಂಗಾಂಗದಾನ ಶಿಲ್ಪನಾಯಿಮರ್ ಅವರ ಕುಟುಂಬ ವರ್ಗಕ್ಕೆ ಸನ್ಮಾನ ಆಯೋಜಿಸುವ ಮೂಲಕ ಪಕ್ಷಪಾತರ ಮಾನವೀಯ ಮೌಲ್ಯಗಳನ್ನು ಪ್ರತಿಪಾದಿಸಲಾಯಿತು. ಮಿದುಳು ನಿಷ್ಕ್ರಿಯಗೊಂಡ ಶಿಲ್ಪ ಅವರ ಅಂಗಾಂಗಗಳನ್ನು ಕುಟುಂಬದವರು ದಾನ ಮಾಡುವ ಮೂಲಕ ಹಲವರ ಬಾಳಿಗೆ ಬೆಳಕಾಗಿದ್ದಾರೆ. ಇಂತಹ ನಿರ್ಧಾರ ಸಮಾಜಕ್ಕೆ ಮಾದರಿಯಾಗಿದ್ದು, ಅಂಗಾಂಗ ದಾನದ ಬಗ್ಗೆ ಜನಜಾಗೃತಿ ಹೆಚ್ಚಾಗಬೇಕು ಎಂದು ವೈದ್ಯರು ಅಭಿಪ್ರಾಯಪಟ್ಟರು. ಜಿಲ್ಲಾ ಆಸ್ಪತ್ರೆಯ ವೈದ್ಯರು, ಸಿಬ್ಬಂದಿ ಹಾಗೂ ಗಣ್ಯರು ಕುಟುಂಬಕ್ಕೆ ಕೃತಜ್ಞತೆ ಸಲ್ಲಿಸಿದರು. ದಾನಿಯ ಕುಟುಂಬದವರು ಕಾರ್ಯಕ್ರಮದಲ್ಲಿ ಭಾವುಕರಾದರು.
ಕೋಲಾರ: ಗೌರವಪೂರ್ವಕ ಸಮಾಲೋಚನೆಯ ಅಂಗಾಂಗದಾನ ಶಿಲ್ಪನಾಯಿಮರ್ ಅವರ ಕುಟುಂಬ ವರ್ಗಕ್ಕೆ ಸನ್ಮಾನ ಆಯೋಜಿಸುವ ಮೂಲಕ ಪಕ್ಷಪಾತರ ಮಾನವೀಯ ಮೌಲ್ಯಗಳನ್ನು ಪ್ರತಿಪಾದಿಸಲಾಯಿತು. ಮಿದುಳು ನಿಷ್ಕ್ರಿಯಗೊಂಡ ಶಿಲ್ಪ ಅವರ ಅಂಗಾಂಗಗಳನ್ನು ಕುಟುಂಬದವರು ದಾನ ಮಾಡುವ ಮೂಲಕ ಹಲವರ ಬಾಳಿಗೆ ಬೆಳಕಾಗಿದ್ದಾರೆ. ಇಂತಹ ನಿರ್ಧಾರ ಸಮಾಜಕ್ಕೆ ಮಾದರಿಯಾಗಿದ್ದು, ಅಂಗಾಂಗ ದಾನದ ಬಗ್ಗೆ ಜನಜಾಗೃತಿ ಹೆಚ್ಚಾಗಬೇಕು ಎಂದು ವೈದ್ಯರು ಅಭಿಪ್ರಾಯಪಟ್ಟರು. ಜಿಲ್ಲಾ ಆಸ್ಪತ್ರೆಯ ವೈದ್ಯರು, ಸಿಬ್ಬಂದಿ ಹಾಗೂ ಗಣ್ಯರು ಕುಟುಂಬಕ್ಕೆ ಕೃತಜ್ಞತೆ ಸಲ್ಲಿಸಿದರು. ದಾನಿಯ ಕುಟುಂಬದವರು ಕಾರ್ಯಕ್ರಮದಲ್ಲಿ ಭಾವುಕರಾದರು.
ಬ್ರೈನ್ ಡೆಡ್ ಆದ ವ್ಯಕ್ತಿಯ ಸಮಯದಲ್ಲಿ ಮಾಡಿದ ನಿರ್ಧಾರದಿಂದ ಹಲವರಿಗೆ ಜೀವದಾನ ಮಾಡಿದಂತಾಗಿದೆ. ಅಂಗಾಂಗ ದಾನ ಮಾಡುವ ಮೂಲಕ ಶಿಲ್ಪ ಅವರು ಸಮಾಜಕ್ಕೆ ಮಾದರಿಯಾಗಿದ್ದಾರೆ. ಅವರ ಕುಟುಂಬಕ್ಕೆ ಕೃತಜ್ಞತೆ ಸಲ್ಲಿಸುತ್ತೇವೆ.
| ಡಾ.ಎಂ.ಜಗದೀಶ್
ಜಿಲ್ಲಾ ಶಸ್ತ್ರಚಿಕಿತ್ಸಕರು, ಎಸ್ಎನ್ಆರ್ ಆಸ್ಪತ್ರೆ, ಕೋಲಾರ
ಸಾಯಿಬಾಬಾ ದೇವಾಲಯದಲ್ಲಿ 17ನೇ ವರ್ಷದ ಅದ್ದೂರಿ ವಾರ್ಷಿಕೋತ್ಸವ
ಕೋಲಾರ: ತಾಲ್ಲೂಕಿನ ವೇಮಗಲ್ ಕೈಗಾರಿಕಾ ಪ್ರದೇಶದ ಕುರ್ಗಲ್ ಗೇಟ್ ಬಳಿಯಿರುವ ಸಾಯಿಬಾಬಾ ದೇವಾಲಯದಲ್ಲಿ 17ನೇ ವರ್ಷದ ವಾರ್ಷಿಕೋತ್ಸವ ಅದ್ದೂರಿಯಾಗಿ ನೆರವೇರಿತು. ಬೆಳಿಗ್ಗೆಯಿಂದಲೇ ಬಾಬಾಗೆ ವಿಶೇಷ ಅಭಿಷೇಕ, ಅಲಂಕಾರ ಹಾಗೂ ಪೂಜಾ ಕೈಂಕರ್ಯಗಳು ನಡೆದವು. ಭಕ್ತರು ಸರದಿ ಸಾಲಿನಲ್ಲಿ ನಿಂತು ದರ್ಶನ ಪಡೆದರು. ಭಜನೆ, ಸತ್ಸಂಗ ಹಾಗೂ ಅನ್ನಸಂತರ್ಪಣೆ ನಡೆಯಿತು. ದೇವಾಲಯ ಸಮಿತಿಯ ಪದಾಧಿಕಾರಿಗಳು ಹಾಗೂ ಭಕ್ತಾದಿಗಳು ಪಾಲ್ಗೊಂಡಿದ್ದರು. ಪ್ರಸಾದ ವಿನಿಯೋಗ ಮಾಡಲಾಯಿತು. ಸಂಜೆ ಪಲ್ಲಕ್ಕಿ ಉತ್ಸವ ಹಾಗೂ ದೀಪೋತ್ಸವ ನಡೆಯಿತು.
108 ಸೂರ್ಯ ನಮಸ್ಕಾರ, ಅಗ್ನಿಹೋತ್ರ ಕಾರ್ಯಕ್ರಮ
ಮುಳಬಾಗಲು: ಶ್ರೀ ಪತಂಜಲಿ ಯೋಗ ಶಿಕ್ಷಣ ಸಮಿತಿ ವತಿಯಿಂದ ಕುರುಡುಮಲೆ ಗಣಪತಿ ದೇವಾಲಯದ ಆವರಣದಲ್ಲಿ ರಥಸಪ್ತಮಿ ಅಂಗವಾಗಿ 108 ಸೂರ್ಯ ನಮಸ್ಕಾರ ಹಾಗೂ ಅಗ್ನಿಹೋತ್ರ ಕಾರ್ಯಕ್ರಮ ಆಯೋಜಿಸಲಾಗಿತ್ತು. ನೂರಾರು ಯೋಗಾಸಕ್ತರು ಪಾಲ್ಗೊಂಡು ಸಾಮೂಹಿಕ ಸೂರ್ಯ ನಮಸ್ಕಾರ ಮಾಡಿದರು. ಯೋಗ ಶಿಕ್ಷಕರು ಮಾತನಾಡಿ, ಸೂರ್ಯ ನಮಸ್ಕಾರ ದೈಹಿಕ ಹಾಗೂ ಮಾನಸಿಕ ಆರೋಗ್ಯಕ್ಕೆ ಸಹಕಾರಿ. ಪ್ರತಿನಿತ್ಯ ಯೋಗಾಭ್ಯಾಸ ಮಾಡುವುದರಿಂದ ರೋಗಮುಕ್ತ ಜೀವನ ಸಾಧ್ಯ ಎಂದರು. ಮಕ್ಕಳು, ಮಹಿಳೆಯರು ಸೇರಿದಂತೆ ಹಿರಿಯರೂ ಉತ್ಸಾಹದಿಂದ ಭಾಗವಹಿಸಿದ್ದರು. ಅಗ್ನಿಹೋತ್ರ ಹವನದಲ್ಲಿ ಲೋಕಕಲ್ಯಾಣಕ್ಕಾಗಿ ಪ್ರಾರ್ಥನೆ ಸಲ್ಲಿಸಲಾಯಿತು. ಸಮಿತಿಯ ಪದಾಧಿಕಾರಿಗಳು ಹಾಗೂ ಯೋಗ ಬಂಧುಗಳು ಉಪಸ್ಥಿತರಿದ್ದರು.
